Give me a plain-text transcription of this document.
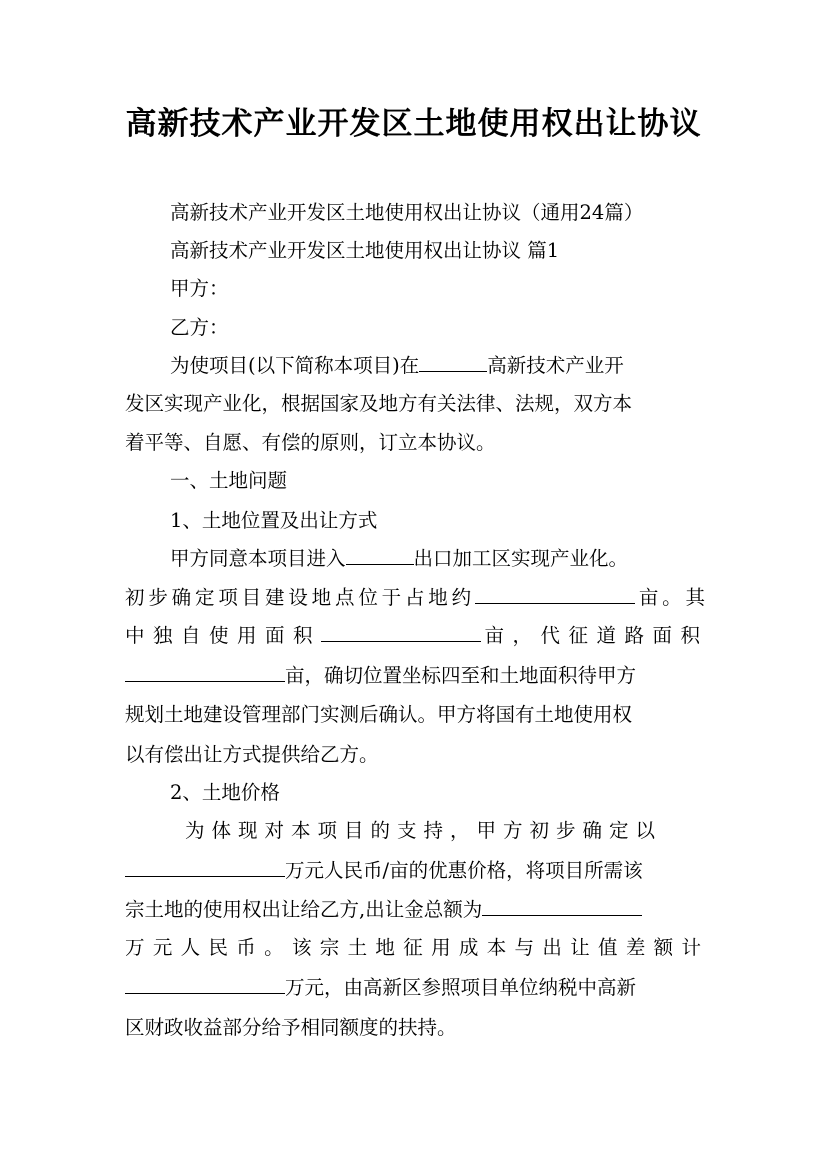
高新技术产业开发区土地使用权出让协议

高新技术产业开发区土地使用权出让协议（通用24篇）

高新技术产业开发区土地使用权出让协议 篇1

甲方：

乙方：

为使项目(以下简称本项目)在	高新技术产业开

发区实现产业化，根据国家及地方有关法律、法规，双方本

着平等、自愿、有偿的原则，订立本协议。

一、土地问题

1、土地位置及出让方式

甲方同意本项目进入	出口加工区实现产业化。

初步确定项目建设地点位于占地约	亩。其

中独自使用面积	亩，代征道路面积

亩，确切位置坐标四至和土地面积待甲方

规划土地建设管理部门实测后确认。甲方将国有土地使用权

以有偿出让方式提供给乙方。

2、土地价格

为体现对本项目的支持，甲方初步确定以

万元人民币/亩的优惠价格，将项目所需该

宗土地的使用权出让给乙方,出让金总额为

万元人民币。该宗土地征用成本与出让值差额计

万元，由高新区参照项目单位纳税中高新

区财政收益部分给予相同额度的扶持。
